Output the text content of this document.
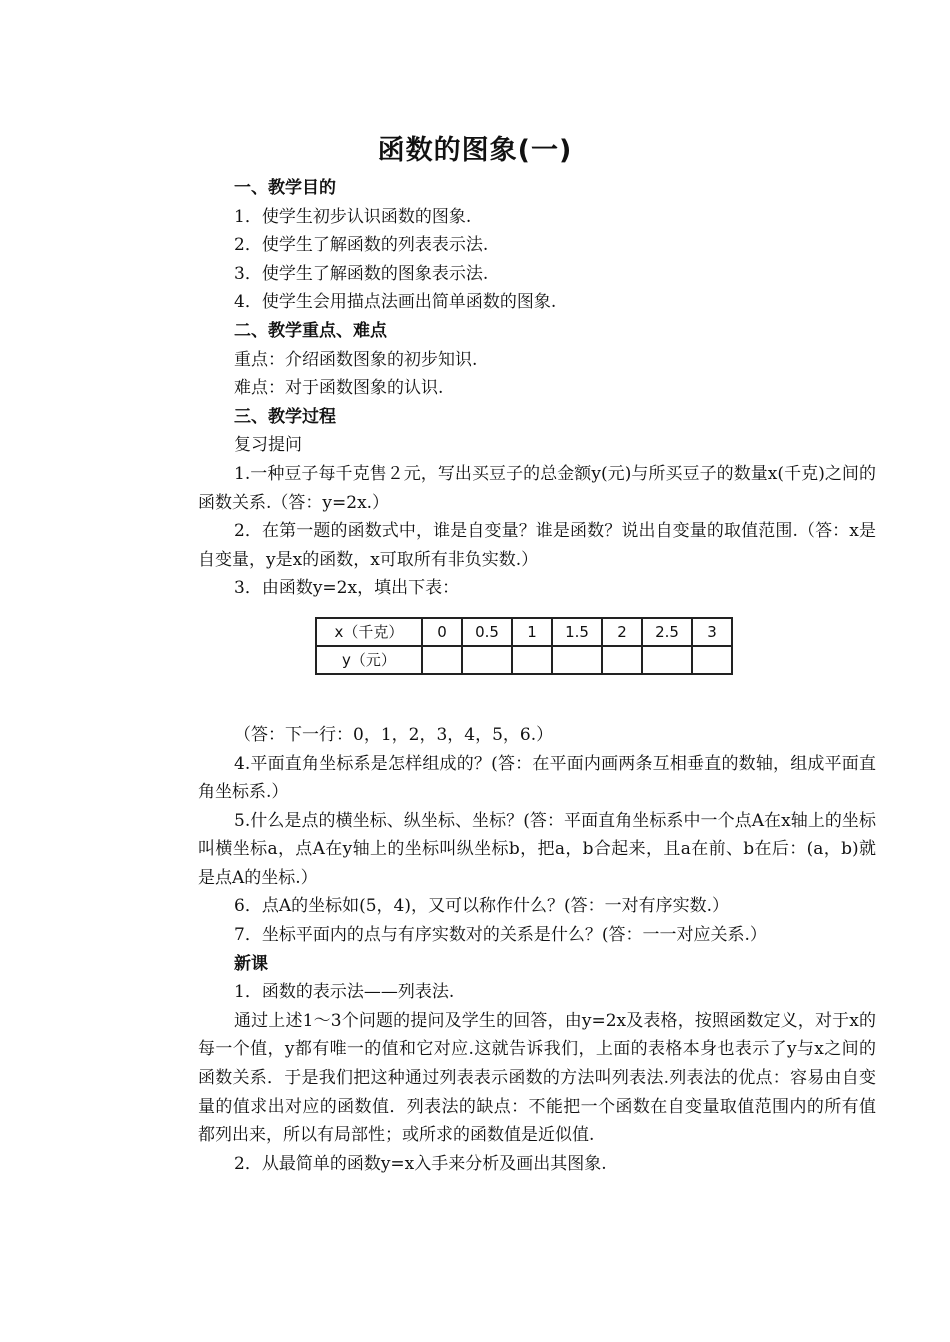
函数的图象(一)
一、教学目的
1．使学生初步认识函数的图象.
2．使学生了解函数的列表表示法.
3．使学生了解函数的图象表示法.
4．使学生会用描点法画出简单函数的图象.
二、教学重点、难点
重点：介绍函数图象的初步知识.
难点：对于函数图象的认识.
三、教学过程
复习提问
1.一种豆子每千克售２元，写出买豆子的总金额y(元)与所买豆子的数量x(千克)之间的函数关系.（答：y=2x.）
2．在第一题的函数式中，谁是自变量？谁是函数？说出自变量的取值范围.（答：x是自变量，y是x的函数，x可取所有非负实数.）
3．由函数y=2x，填出下表：
x（千克）	0	0.5	1	1.5	2	2.5	3
y（元）							
（答：下一行：0，1，2，3，4，5，6.）
4.平面直角坐标系是怎样组成的？(答：在平面内画两条互相垂直的数轴，组成平面直角坐标系.）
5.什么是点的横坐标、纵坐标、坐标？(答：平面直角坐标系中一个点A在x轴上的坐标叫横坐标a，点A在y轴上的坐标叫纵坐标b，把a，b合起来，且a在前、b在后：(a，b)就是点A的坐标.）
6．点A的坐标如(5，4)，又可以称作什么？(答：一对有序实数.）
7．坐标平面内的点与有序实数对的关系是什么？(答：一一对应关系.）
新课
1．函数的表示法——列表法.
通过上述1～3个问题的提问及学生的回答，由y=2x及表格，按照函数定义，对于x的每一个值，y都有唯一的值和它对应.这就告诉我们，上面的表格本身也表示了y与x之间的函数关系．于是我们把这种通过列表表示函数的方法叫列表法.列表法的优点：容易由自变量的值求出对应的函数值．列表法的缺点：不能把一个函数在自变量取值范围内的所有值都列出来，所以有局部性；或所求的函数值是近似值.
2．从最简单的函数y=x入手来分析及画出其图象.
